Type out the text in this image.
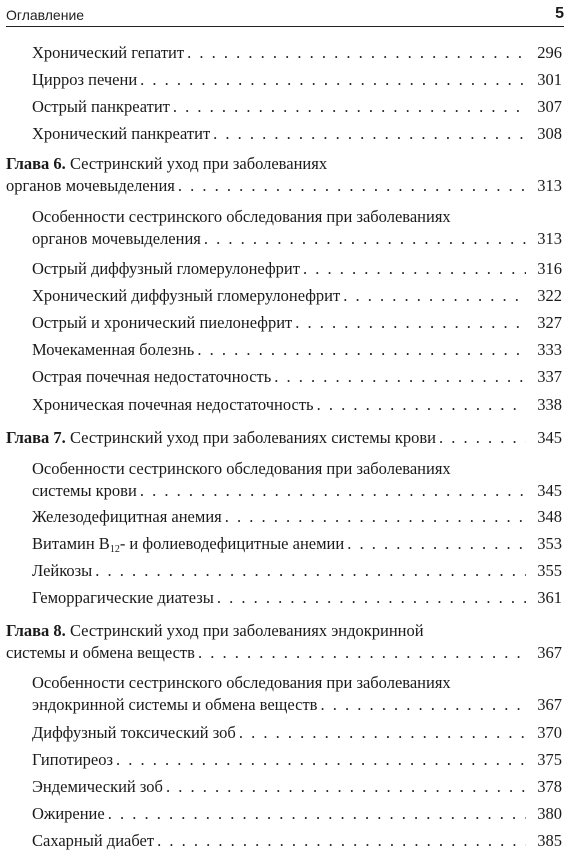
Оглавление	5
Хронический гепатит . . .	296
Цирроз печени . . .	301
Острый панкреатит . . .	307
Хронический панкреатит . . .	308
Глава 6. Сестринский уход при заболеваниях
органов мочевыделения . . .	313
Особенности сестринского обследования при заболеваниях
органов мочевыделения . . .	313
Острый диффузный гломерулонефрит . . .	316
Хронический диффузный гломерулонефрит . . .	322
Острый и хронический пиелонефрит . . .	327
Мочекаменная болезнь . . .	333
Острая почечная недостаточность . . .	337
Хроническая почечная недостаточность . . .	338
Глава 7. Сестринский уход при заболеваниях системы крови . . .	345
Особенности сестринского обследования при заболеваниях
системы крови . . .	345
Железодефицитная анемия . . .	348
Витамин $B_{12}-$ и фолиеводефицитные анемии . . .	353
Лейкозы . . .	355
Геморрагические диатезы . . .	361
Глава 8. Сестринский уход при заболеваниях эндокринной
системы и обмена веществ . . .	367
Особенности сестринского обследования при заболеваниях
эндокринной системы и обмена веществ . . .	367
Диффузный токсический зоб . . .	370
Гипотиреоз . . .	375
Эндемический зоб . . .	378
Ожирение . . .	380
Сахарный диабет . . .	385
